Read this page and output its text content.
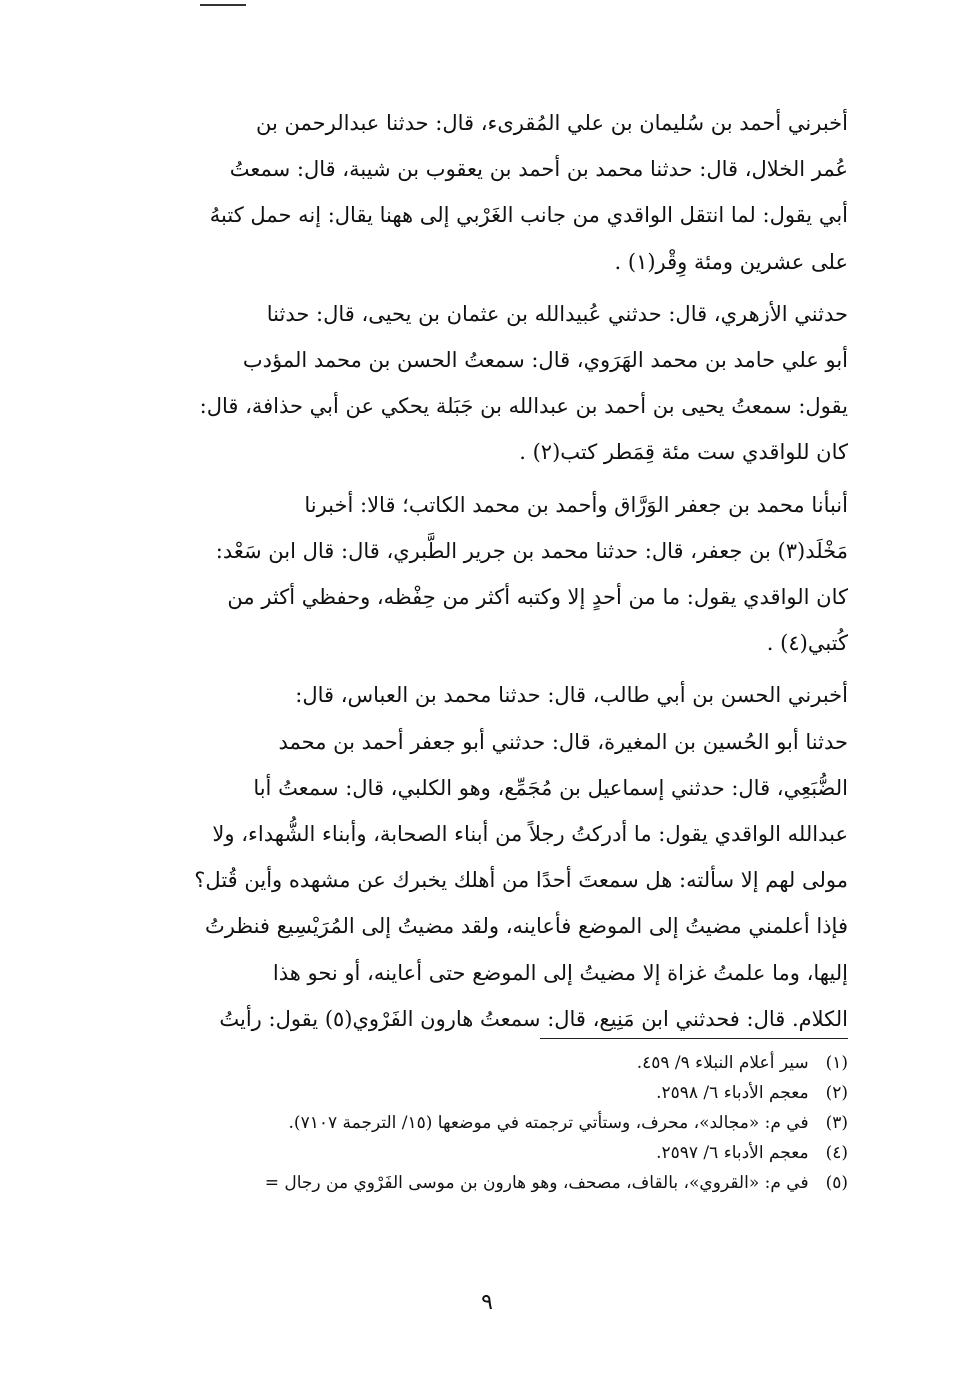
أخبرني أحمد بن سُليمان بن علي المُقرىء، قال: حدثنا عبدالرحمن بن
عُمر الخلال، قال: حدثنا محمد بن أحمد بن يعقوب بن شيبة، قال: سمعتُ
أبي يقول: لما انتقل الواقدي من جانب الغَرْبي إلى ههنا يقال: إنه حمل كتبهُ
على عشرين ومئة وِقْر(١) .

حدثني الأزهري، قال: حدثني عُبيدالله بن عثمان بن يحيى، قال: حدثنا
أبو علي حامد بن محمد الهَرَوي، قال: سمعتُ الحسن بن محمد المؤدب
يقول: سمعتُ يحيى بن أحمد بن عبدالله بن جَبَلة يحكي عن أبي حذافة، قال:
كان للواقدي ست مئة قِمَطر كتب(٢) .

أنبأنا محمد بن جعفر الوَرَّاق وأحمد بن محمد الكاتب؛ قالا: أخبرنا
مَخْلَد(٣) بن جعفر، قال: حدثنا محمد بن جرير الطَّبري، قال: قال ابن سَعْد:
كان الواقدي يقول: ما من أحدٍ إلا وكتبه أكثر من حِفْظه، وحفظي أكثر من
كُتبي(٤) .

أخبرني الحسن بن أبي طالب، قال: حدثنا محمد بن العباس، قال:
حدثنا أبو الحُسين بن المغيرة، قال: حدثني أبو جعفر أحمد بن محمد
الضُّبَعِي، قال: حدثني إسماعيل بن مُجَمِّع، وهو الكلبي، قال: سمعتُ أبا
عبدالله الواقدي يقول: ما أدركتُ رجلاً من أبناء الصحابة، وأبناء الشُّهداء، ولا
مولى لهم إلا سألته: هل سمعتَ أحدًا من أهلك يخبرك عن مشهده وأين قُتل؟
فإذا أعلمني مضيتُ إلى الموضع فأعاينه، ولقد مضيتُ إلى المُرَيْسِيع فنظرتُ
إليها، وما علمتُ غزاة إلا مضيتُ إلى الموضع حتى أعاينه، أو نحو هذا
الكلام. قال: فحدثني ابن مَنِيع، قال: سمعتُ هارون الفَرْوي(٥) يقول: رأيتُ

(١) سير أعلام النبلاء ٩/ ٤٥٩.

(٢) معجم الأدباء ٦/ ٢٥٩٨.

(٣) في م: «مجالد»، محرف، وستأتي ترجمته في موضعها (١٥/ الترجمة ٧١٠٧).

(٤) معجم الأدباء ٦/ ٢٥٩٧.

(٥) في م: «القروي»، بالقاف، مصحف، وهو هارون بن موسى الفَرْوي من رجال =

٩
